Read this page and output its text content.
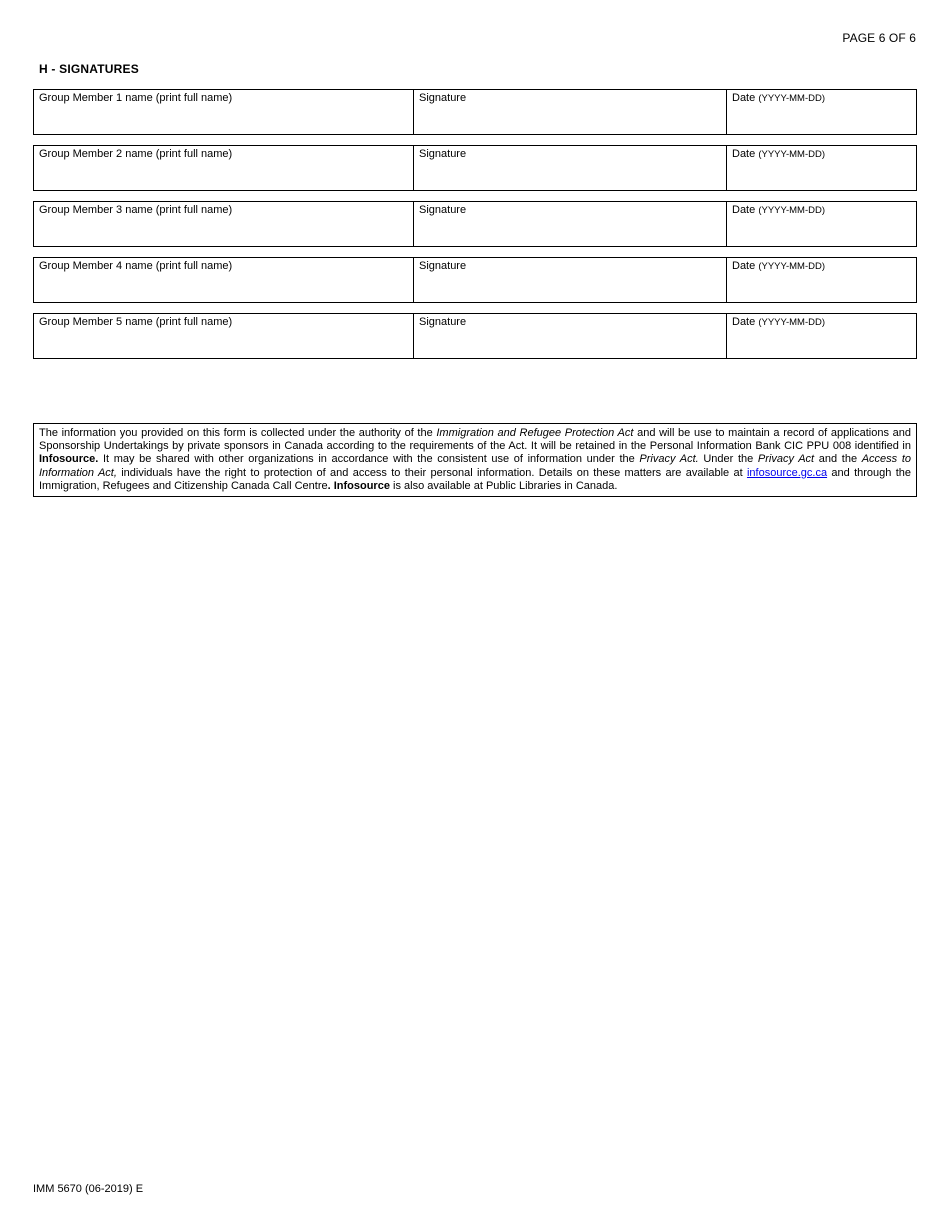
PAGE 6 OF 6
H - SIGNATURES
Group Member 1 name (print full name)	Signature	Date (YYYY-MM-DD)
Group Member 2 name (print full name)	Signature	Date (YYYY-MM-DD)
Group Member 3 name (print full name)	Signature	Date (YYYY-MM-DD)
Group Member 4 name (print full name)	Signature	Date (YYYY-MM-DD)
Group Member 5 name (print full name)	Signature	Date (YYYY-MM-DD)
The information you provided on this form is collected under the authority of the Immigration and Refugee Protection Act and will be use to maintain a record of applications and Sponsorship Undertakings by private sponsors in Canada according to the requirements of the Act. It will be retained in the Personal Information Bank CIC PPU 008 identified in Infosource. It may be shared with other organizations in accordance with the consistent use of information under the Privacy Act. Under the Privacy Act and the Access to Information Act, individuals have the right to protection of and access to their personal information. Details on these matters are available at infosource.gc.ca and through the Immigration, Refugees and Citizenship Canada Call Centre. Infosource is also available at Public Libraries in Canada.
IMM 5670 (06-2019) E
